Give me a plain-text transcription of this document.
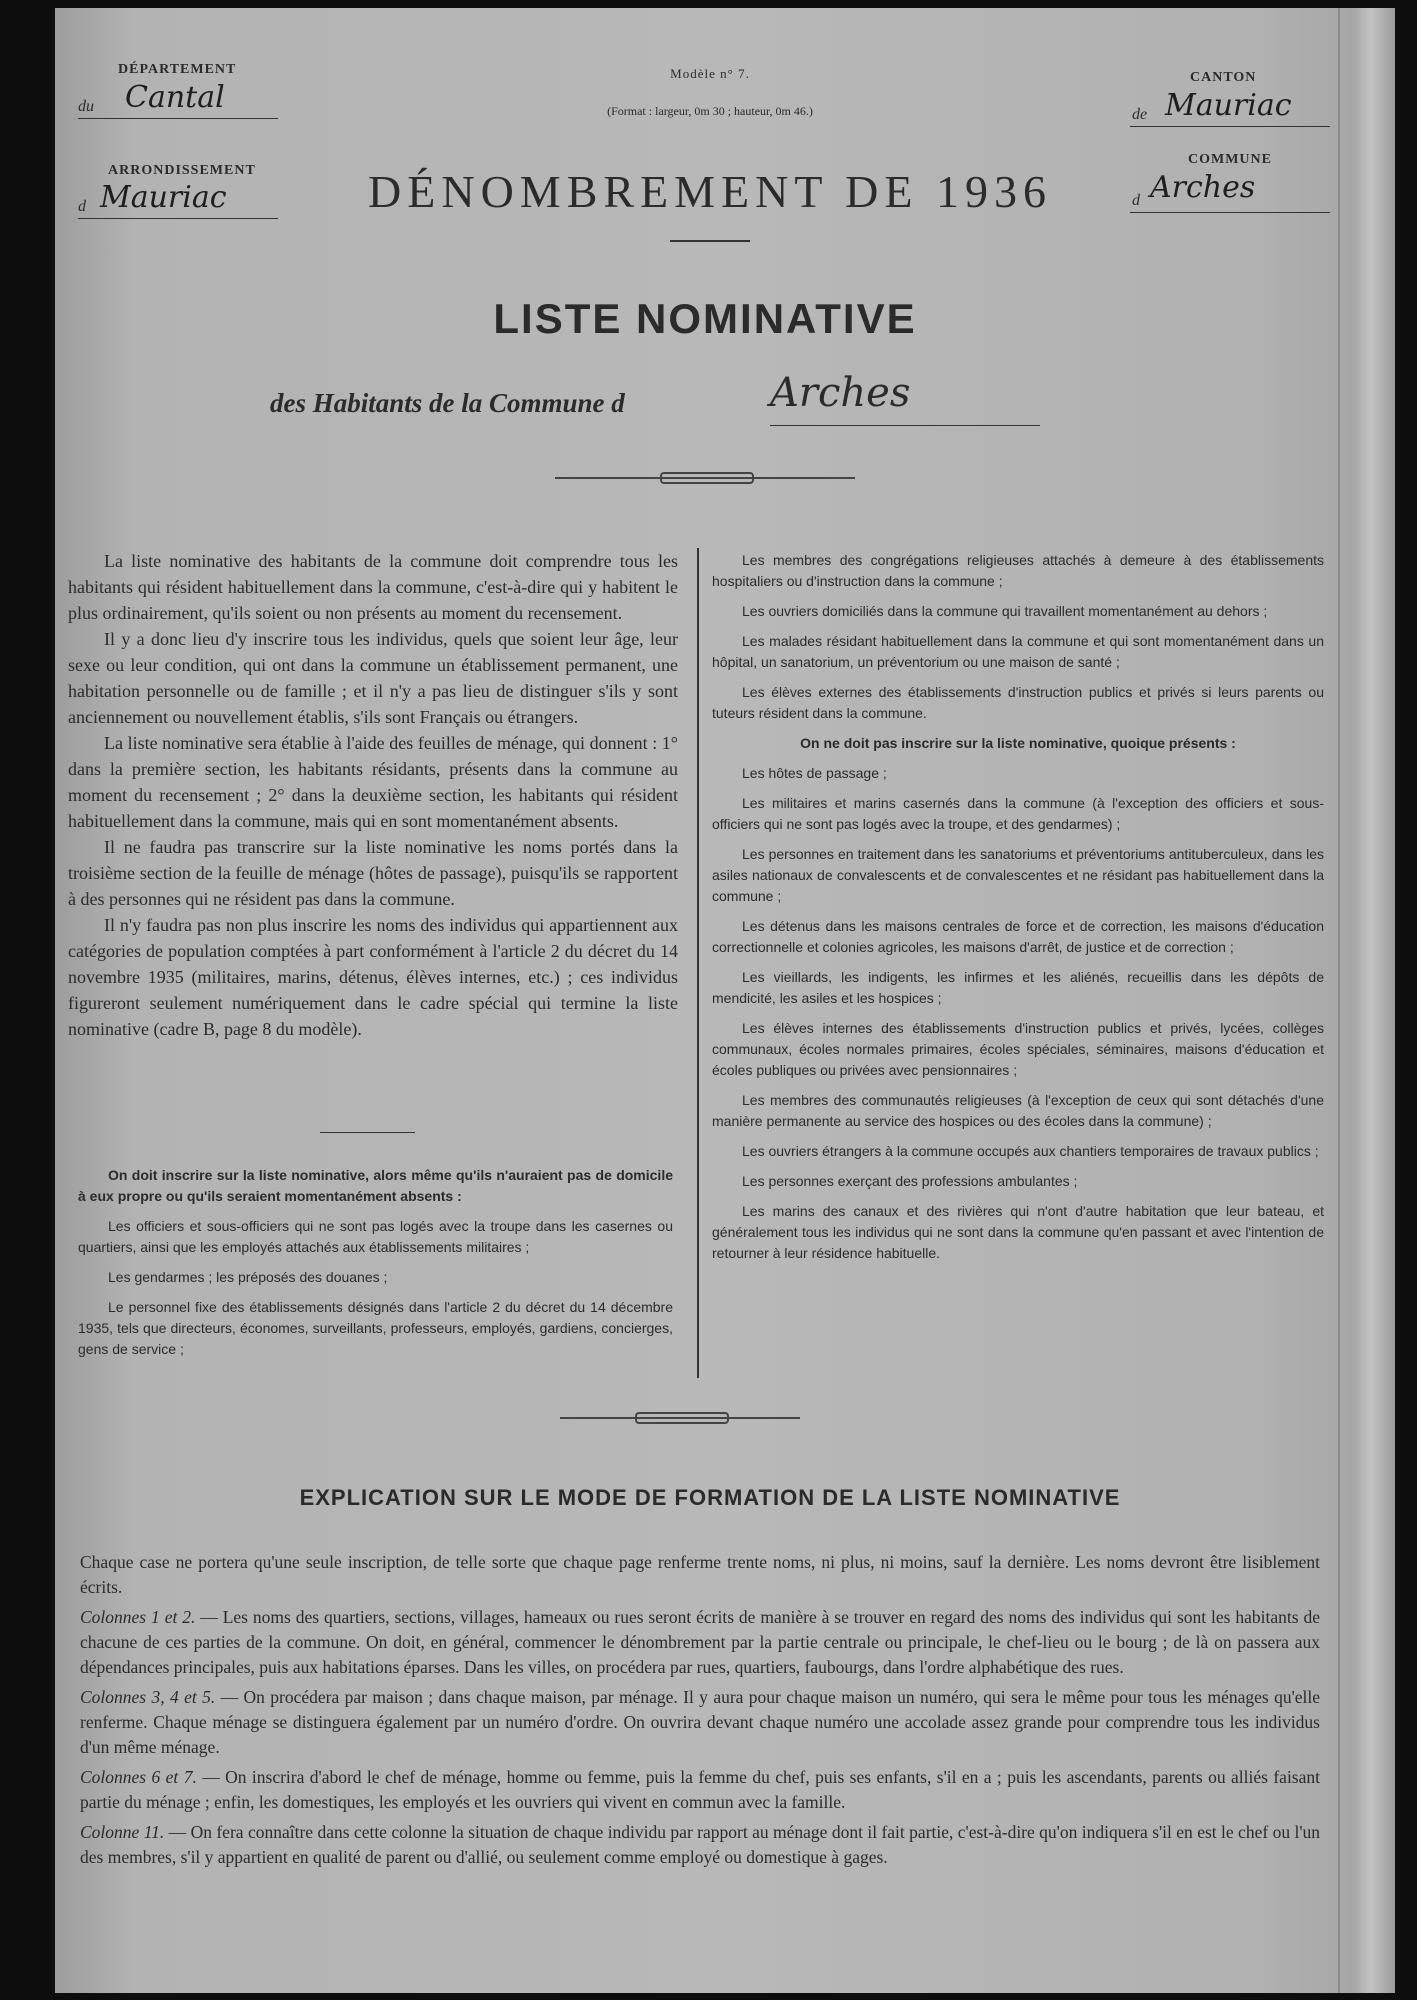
DÉPARTEMENT
du Cantal
ARRONDISSEMENT
d Mauriac
Modèle n° 7.
(Format : largeur, 0m 30 ; hauteur, 0m 46.)
DÉNOMBREMENT DE 1936
CANTON
de Mauriac
COMMUNE
d Arches
LISTE NOMINATIVE
des Habitants de la Commune d	Arches

La liste nominative des habitants de la commune doit comprendre tous les habitants qui résident habituellement dans la commune, c'est-à-dire qui y habitent le plus ordinairement, qu'ils soient ou non présents au moment du recensement.

Il y a donc lieu d'y inscrire tous les individus, quels que soient leur âge, leur sexe ou leur condition, qui ont dans la commune un établissement permanent, une habitation personnelle ou de famille ; et il n'y a pas lieu de distinguer s'ils y sont anciennement ou nouvellement établis, s'ils sont Français ou étrangers.

La liste nominative sera établie à l'aide des feuilles de ménage, qui donnent : 1° dans la première section, les habitants résidants, présents dans la commune au moment du recensement ; 2° dans la deuxième section, les habitants qui résident habituellement dans la commune, mais qui en sont momentanément absents.

Il ne faudra pas transcrire sur la liste nominative les noms portés dans la troisième section de la feuille de ménage (hôtes de passage), puisqu'ils se rapportent à des personnes qui ne résident pas dans la commune.

Il n'y faudra pas non plus inscrire les noms des individus qui appartiennent aux catégories de population comptées à part conformément à l'article 2 du décret du 14 novembre 1935 (militaires, marins, détenus, élèves internes, etc.) ; ces individus figureront seulement numériquement dans le cadre spécial qui termine la liste nominative (cadre B, page 8 du modèle).

On doit inscrire sur la liste nominative, alors même qu'ils n'auraient pas de domicile à eux propre ou qu'ils seraient momentanément absents :

Les officiers et sous-officiers qui ne sont pas logés avec la troupe dans les casernes ou quartiers, ainsi que les employés attachés aux établissements militaires ;

Les gendarmes ; les préposés des douanes ;

Le personnel fixe des établissements désignés dans l'article 2 du décret du 14 décembre 1935, tels que directeurs, économes, surveillants, professeurs, employés, gardiens, concierges, gens de service ;

Les membres des congrégations religieuses attachés à demeure à des établissements hospitaliers ou d'instruction dans la commune ;

Les ouvriers domiciliés dans la commune qui travaillent momentanément au dehors ;

Les malades résidant habituellement dans la commune et qui sont momentanément dans un hôpital, un sanatorium, un préventorium ou une maison de santé ;

Les élèves externes des établissements d'instruction publics et privés si leurs parents ou tuteurs résident dans la commune.

On ne doit pas inscrire sur la liste nominative, quoique présents :

Les hôtes de passage ;

Les militaires et marins casernés dans la commune (à l'exception des officiers et sous-officiers qui ne sont pas logés avec la troupe, et des gendarmes) ;

Les personnes en traitement dans les sanatoriums et préventoriums antituberculeux, dans les asiles nationaux de convalescents et de convalescentes et ne résidant pas habituellement dans la commune ;

Les détenus dans les maisons centrales de force et de correction, les maisons d'éducation correctionnelle et colonies agricoles, les maisons d'arrêt, de justice et de correction ;

Les vieillards, les indigents, les infirmes et les aliénés, recueillis dans les dépôts de mendicité, les asiles et les hospices ;

Les élèves internes des établissements d'instruction publics et privés, lycées, collèges communaux, écoles normales primaires, écoles spéciales, séminaires, maisons d'éducation et écoles publiques ou privées avec pensionnaires ;

Les membres des communautés religieuses (à l'exception de ceux qui sont détachés d'une manière permanente au service des hospices ou des écoles dans la commune) ;

Les ouvriers étrangers à la commune occupés aux chantiers temporaires de travaux publics ;

Les personnes exerçant des professions ambulantes ;

Les marins des canaux et des rivières qui n'ont d'autre habitation que leur bateau, et généralement tous les individus qui ne sont dans la commune qu'en passant et avec l'intention de retourner à leur résidence habituelle.

EXPLICATION SUR LE MODE DE FORMATION DE LA LISTE NOMINATIVE

Chaque case ne portera qu'une seule inscription, de telle sorte que chaque page renferme trente noms, ni plus, ni moins, sauf la dernière. Les noms devront être lisiblement écrits.

Colonnes 1 et 2. — Les noms des quartiers, sections, villages, hameaux ou rues seront écrits de manière à se trouver en regard des noms des individus qui sont les habitants de chacune de ces parties de la commune. On doit, en général, commencer le dénombrement par la partie centrale ou principale, le chef-lieu ou le bourg ; de là on passera aux dépendances principales, puis aux habitations éparses. Dans les villes, on procédera par rues, quartiers, faubourgs, dans l'ordre alphabétique des rues.

Colonnes 3, 4 et 5. — On procédera par maison ; dans chaque maison, par ménage. Il y aura pour chaque maison un numéro, qui sera le même pour tous les ménages qu'elle renferme. Chaque ménage se distinguera également par un numéro d'ordre. On ouvrira devant chaque numéro une accolade assez grande pour comprendre tous les individus d'un même ménage.

Colonnes 6 et 7. — On inscrira d'abord le chef de ménage, homme ou femme, puis la femme du chef, puis ses enfants, s'il en a ; puis les ascendants, parents ou alliés faisant partie du ménage ; enfin, les domestiques, les employés et les ouvriers qui vivent en commun avec la famille.

Colonne 11. — On fera connaître dans cette colonne la situation de chaque individu par rapport au ménage dont il fait partie, c'est-à-dire qu'on indiquera s'il en est le chef ou l'un des membres, s'il y appartient en qualité de parent ou d'allié, ou seulement comme employé ou domestique à gages.
